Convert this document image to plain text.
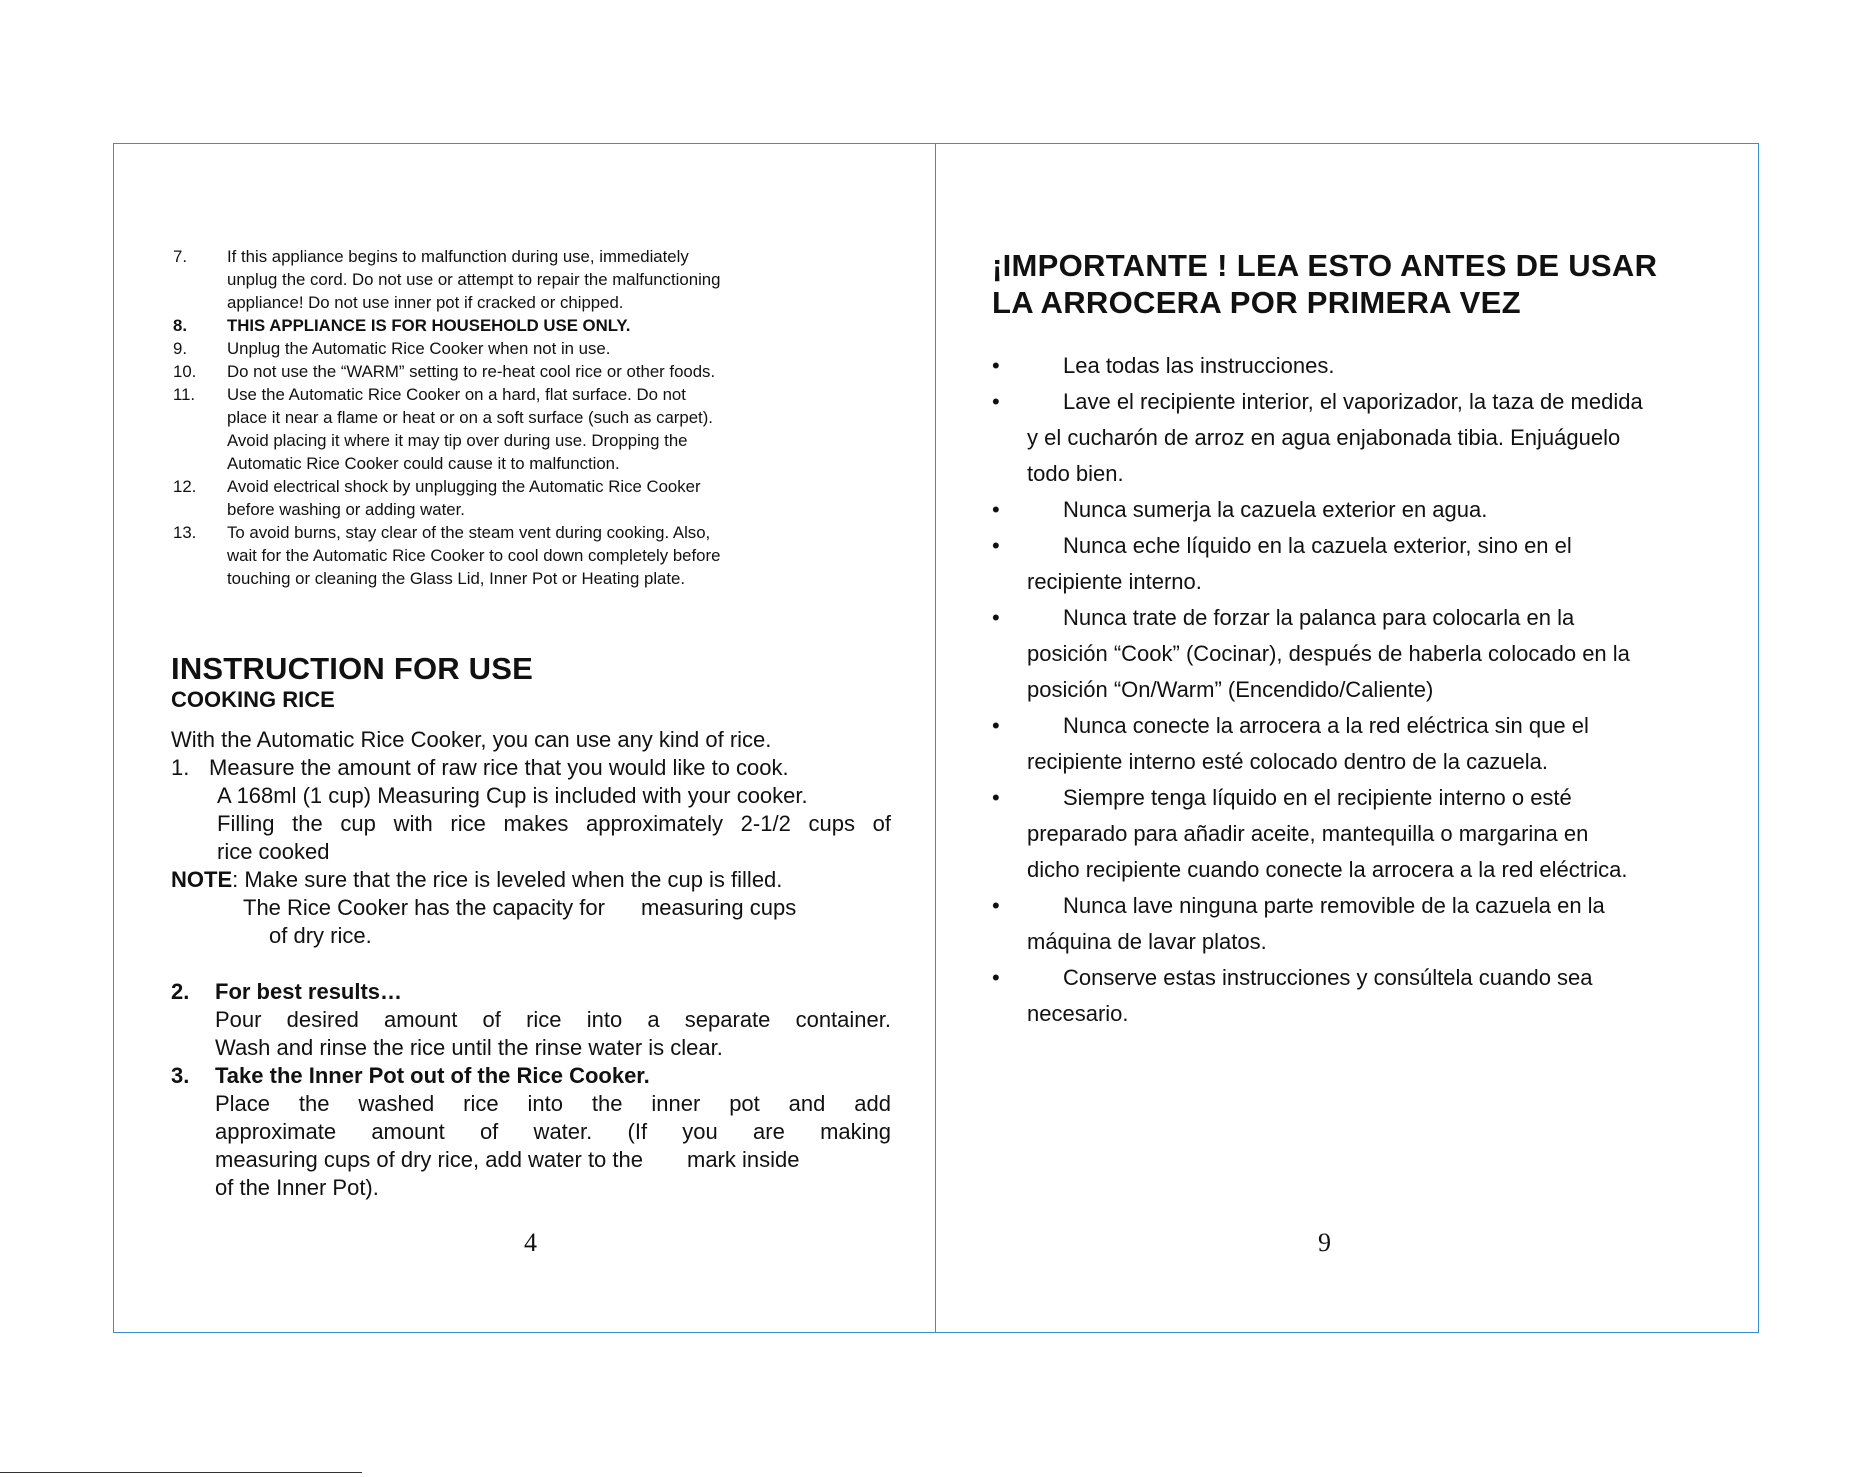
7.	If this appliance begins to malfunction during use, immediately
unplug the cord. Do not use or attempt to repair the malfunctioning
appliance! Do not use inner pot if cracked or chipped.
8.	THIS APPLIANCE IS FOR HOUSEHOLD USE ONLY.
9.	Unplug the Automatic Rice Cooker when not in use.
10.	Do not use the “WARM” setting to re-heat cool rice or other foods.
11.	Use the Automatic Rice Cooker on a hard, flat surface. Do not
place it near a flame or heat or on a soft surface (such as carpet).
Avoid placing it where it may tip over during use. Dropping the
Automatic Rice Cooker could cause it to malfunction.
12.	Avoid electrical shock by unplugging the Automatic Rice Cooker
before washing or adding water.
13.	To avoid burns, stay clear of the steam vent during cooking. Also,
wait for the Automatic Rice Cooker to cool down completely before
touching or cleaning the Glass Lid, Inner Pot or Heating plate.
INSTRUCTION FOR USE
COOKING RICE
With the Automatic Rice Cooker, you can use any kind of rice.
1. Measure the amount of raw rice that you would like to cook.
A 168ml (1 cup) Measuring Cup is included with your cooker.
Filling the cup with rice makes approximately 2-1/2 cups of
rice cooked
NOTE: Make sure that the rice is leveled when the cup is filled.
The Rice Cooker has the capacity for measuring cups
of dry rice.
2. For best results…
Pour desired amount of rice into a separate container.
Wash and rinse the rice until the rinse water is clear.
3. Take the Inner Pot out of the Rice Cooker.
Place the washed rice into the inner pot and add
approximate amount of water. (If you are making
measuring cups of dry rice, add water to the mark inside
of the Inner Pot).
4
¡IMPORTANTE ! LEA ESTO ANTES DE USAR
LA ARROCERA POR PRIMERA VEZ
•	Lea todas las instrucciones.
•	Lave el recipiente interior, el vaporizador, la taza de medida
y el cucharón de arroz en agua enjabonada tibia. Enjuáguelo
todo bien.
•	Nunca sumerja la cazuela exterior en agua.
•	Nunca eche líquido en la cazuela exterior, sino en el
recipiente interno.
•	Nunca trate de forzar la palanca para colocarla en la
posición “Cook” (Cocinar), después de haberla colocado en la
posición “On/Warm” (Encendido/Caliente)
•	Nunca conecte la arrocera a la red eléctrica sin que el
recipiente interno esté colocado dentro de la cazuela.
•	Siempre tenga líquido en el recipiente interno o esté
preparado para añadir aceite, mantequilla o margarina en
dicho recipiente cuando conecte la arrocera a la red eléctrica.
•	Nunca lave ninguna parte removible de la cazuela en la
máquina de lavar platos.
•	Conserve estas instrucciones y consúltela cuando sea
necesario.
9
